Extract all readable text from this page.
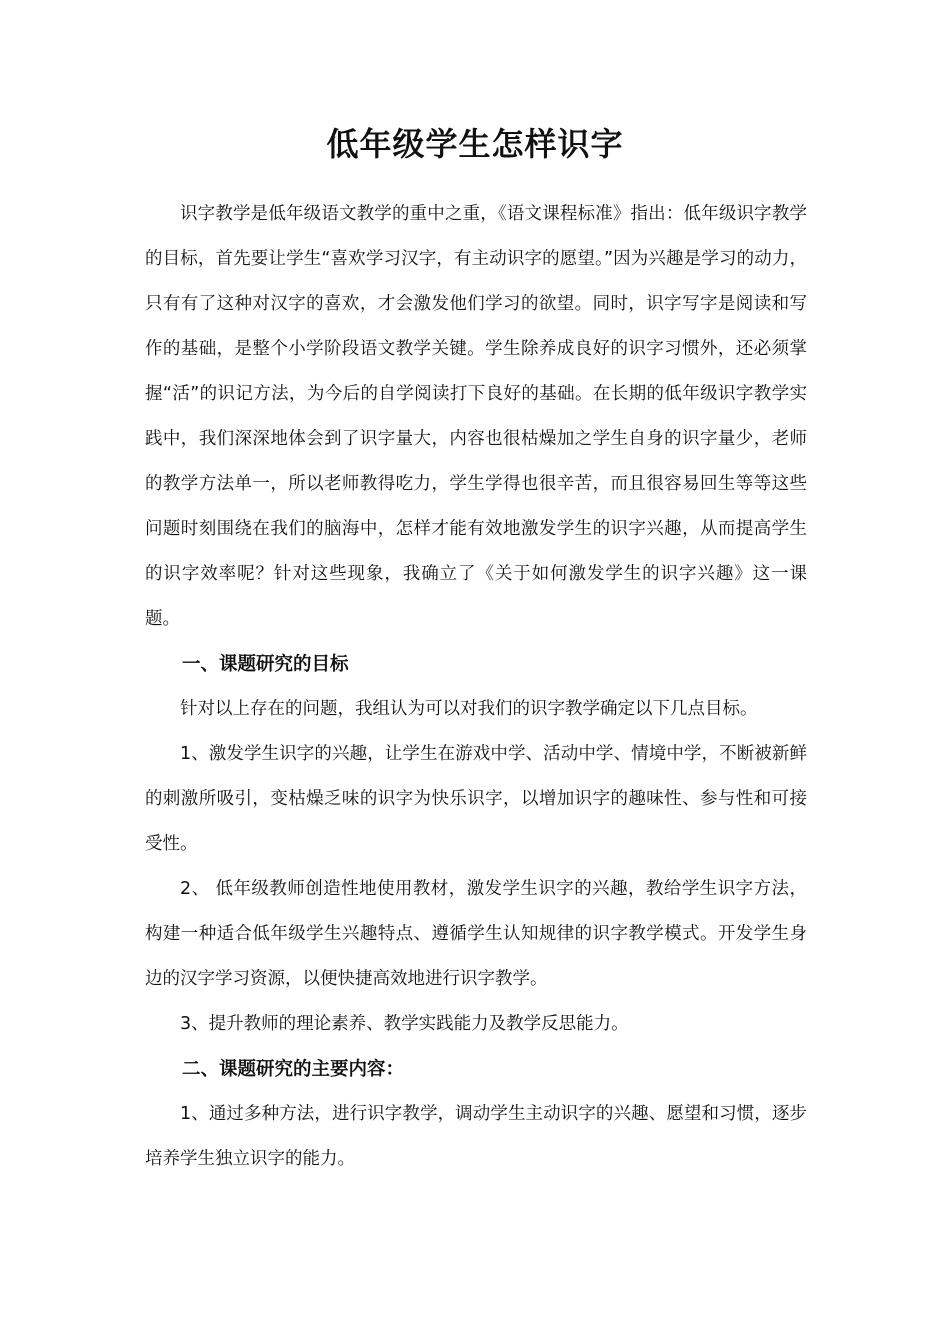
低年级学生怎样识字

识字教学是低年级语文教学的重中之重，《语文课程标准》指出：低年级识字教学的目标，首先要让学生“喜欢学习汉字，有主动识字的愿望。”因为兴趣是学习的动力，只有有了这种对汉字的喜欢，才会激发他们学习的欲望。同时，识字写字是阅读和写作的基础，是整个小学阶段语文教学关键。学生除养成良好的识字习惯外，还必须掌握“活”的识记方法，为今后的自学阅读打下良好的基础。在长期的低年级识字教学实践中，我们深深地体会到了识字量大，内容也很枯燥加之学生自身的识字量少，老师的教学方法单一，所以老师教得吃力，学生学得也很辛苦，而且很容易回生等等这些问题时刻围绕在我们的脑海中，怎样才能有效地激发学生的识字兴趣，从而提高学生的识字效率呢？针对这些现象，我确立了《关于如何激发学生的识字兴趣》这一课题。

一、课题研究的目标

针对以上存在的问题，我组认为可以对我们的识字教学确定以下几点目标。

1、激发学生识字的兴趣，让学生在游戏中学、活动中学、情境中学，不断被新鲜的刺激所吸引，变枯燥乏味的识字为快乐识字，以增加识字的趣味性、参与性和可接受性。

2、 低年级教师创造性地使用教材，激发学生识字的兴趣，教给学生识字方法，构建一种适合低年级学生兴趣特点、遵循学生认知规律的识字教学模式。开发学生身边的汉字学习资源，以便快捷高效地进行识字教学。

3、提升教师的理论素养、教学实践能力及教学反思能力。

二、课题研究的主要内容：

1、通过多种方法，进行识字教学，调动学生主动识字的兴趣、愿望和习惯，逐步培养学生独立识字的能力。
